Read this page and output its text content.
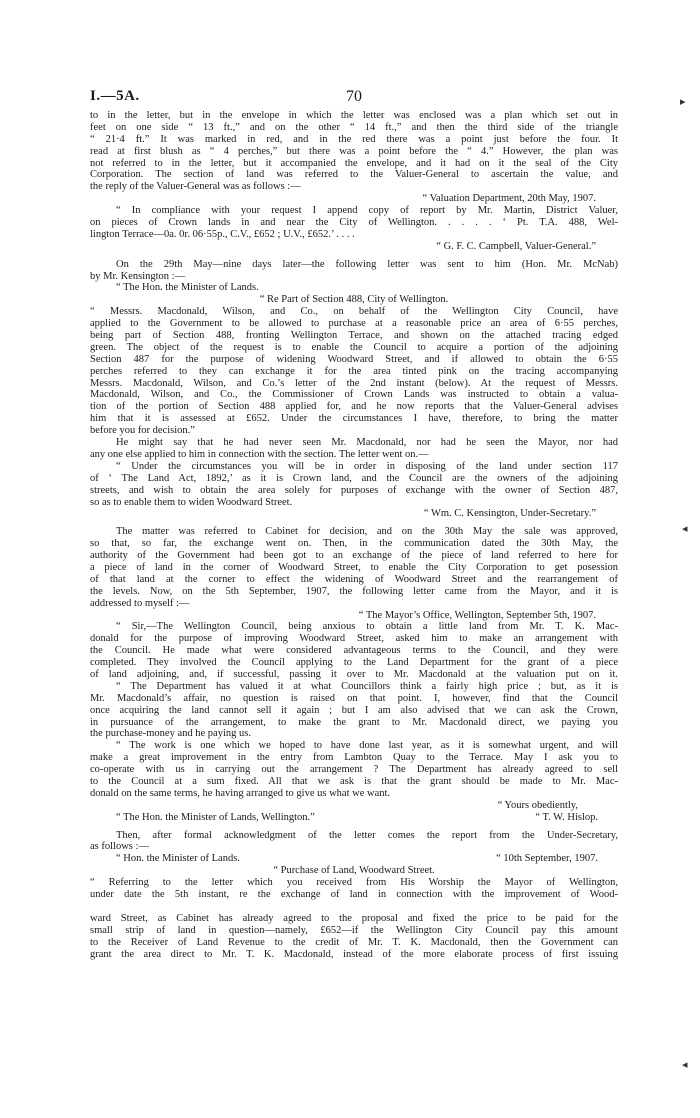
I.—5A.	70	▸
◂
◂
to in the letter, but in the envelope in which the letter was enclosed was a plan which set out in
feet on one side “ 13 ft.,” and on the other “ 14 ft.,” and then the third side of the triangle
“ 21·4 ft.” It was marked in red, and in the red there was a point just before the four. It
read at first blush as “ 4 perches,” but there was a point before the “ 4.” However, the plan was
not referred to in the letter, but it accompanied the envelope, and it had on it the seal of the City
Corporation. The section of land was referred to the Valuer-General to ascertain the value, and
the reply of the Valuer-General was as follows :—
“ Valuation Department, 20th May, 1907.
“ In compliance with your request I append copy of report by Mr. Martin, District Valuer,
on pieces of Crown lands in and near the City of Wellington. . . . . ‘ Pt. T.A. 488, Wel-
lington Terrace—0a. 0r. 06·55p., C.V., £652 ; U.V., £652.’ . . . .
“ G. F. C. Campbell, Valuer-General.”
On the 29th May—nine days later—the following letter was sent to him (Hon. Mr. McNab)
by Mr. Kensington :—
“ The Hon. the Minister of Lands.
“ Re Part of Section 488, City of Wellington.
“ Messrs. Macdonald, Wilson, and Co., on behalf of the Wellington City Council, have
applied to the Government to be allowed to purchase at a reasonable price an area of 6·55 perches,
being part of Section 488, fronting Wellington Terrace, and shown on the attached tracing edged
green. The object of the request is to enable the Council to acquire a portion of the adjoining
Section 487 for the purpose of widening Woodward Street, and if allowed to obtain the 6·55
perches referred to they can exchange it for the area tinted pink on the tracing accompanying
Messrs. Macdonald, Wilson, and Co.’s letter of the 2nd instant (below). At the request of Messrs.
Macdonald, Wilson, and Co., the Commissioner of Crown Lands was instructed to obtain a valua-
tion of the portion of Section 488 applied for, and he now reports that the Valuer-General advises
him that it is assessed at £652. Under the circumstances I have, therefore, to bring the matter
before you for decision.”
He might say that he had never seen Mr. Macdonald, nor had he seen the Mayor, nor had
any one else applied to him in connection with the section. The letter went on.—
“ Under the circumstances you will be in order in disposing of the land under section 117
of ‘ The Land Act, 1892,’ as it is Crown land, and the Council are the owners of the adjoining
streets, and wish to obtain the area solely for purposes of exchange with the owner of Section 487,
so as to enable them to widen Woodward Street.
“ Wm. C. Kensington, Under-Secretary.”
The matter was referred to Cabinet for decision, and on the 30th May the sale was approved,
so that, so far, the exchange went on. Then, in the communication dated the 30th May, the
authority of the Government had been got to an exchange of the piece of land referred to here for
a piece of land in the corner of Woodward Street, to enable the City Corporation to get posession
of that land at the corner to effect the widening of Woodward Street and the rearrangement of
the levels. Now, on the 5th September, 1907, the following letter came from the Mayor, and it is
addressed to myself :—
“ The Mayor’s Office, Wellington, September 5th, 1907.
“ Sir,—The Wellington Council, being anxious to obtain a little land from Mr. T. K. Mac-
donald for the purpose of improving Woodward Street, asked him to make an arrangement with
the Council. He made what were considered advantageous terms to the Council, and they were
completed. They involved the Council applying to the Land Department for the grant of a piece
of land adjoining, and, if successful, passing it over to Mr. Macdonald at the valuation put on it.
“ The Department has valued it at what Councillors think a fairly high price ; but, as it is
Mr. Macdonald’s affair, no question is raised on that point. I, however, find that the Council
once acquiring the land cannot sell it again ; but I am also advised that we can ask the Crown,
in pursuance of the arrangement, to make the grant to Mr. Macdonald direct, we paying you
the purchase-money and he paying us.
“ The work is one which we hoped to have done last year, as it is somewhat urgent, and will
make a great improvement in the entry from Lambton Quay to the Terrace. May I ask you to
co-operate with us in carrying out the arrangement ? The Department has already agreed to sell
to the Council at a sum fixed. All that we ask is that the grant should be made to Mr. Mac-
donald on the same terms, he having arranged to give us what we want.
“ Yours obediently,
“ The Hon. the Minister of Lands, Wellington.”	“ T. W. Hislop.
Then, after formal acknowledgment of the letter comes the report from the Under-Secretary,
as follows :—
“ Hon. the Minister of Lands.	“ 10th September, 1907.
“ Purchase of Land, Woodward Street.
“ Referring to the letter which you received from His Worship the Mayor of Wellington,
under date the 5th instant, re the exchange of land in connection with the improvement of Wood-
ward Street, as Cabinet has already agreed to the proposal and fixed the price to be paid for the
small strip of land in question—namely, £652—if the Wellington City Council pay this amount
to the Receiver of Land Revenue to the credit of Mr. T. K. Macdonald, then the Government can
grant the area direct to Mr. T. K. Macdonald, instead of the more elaborate process of first issuing
